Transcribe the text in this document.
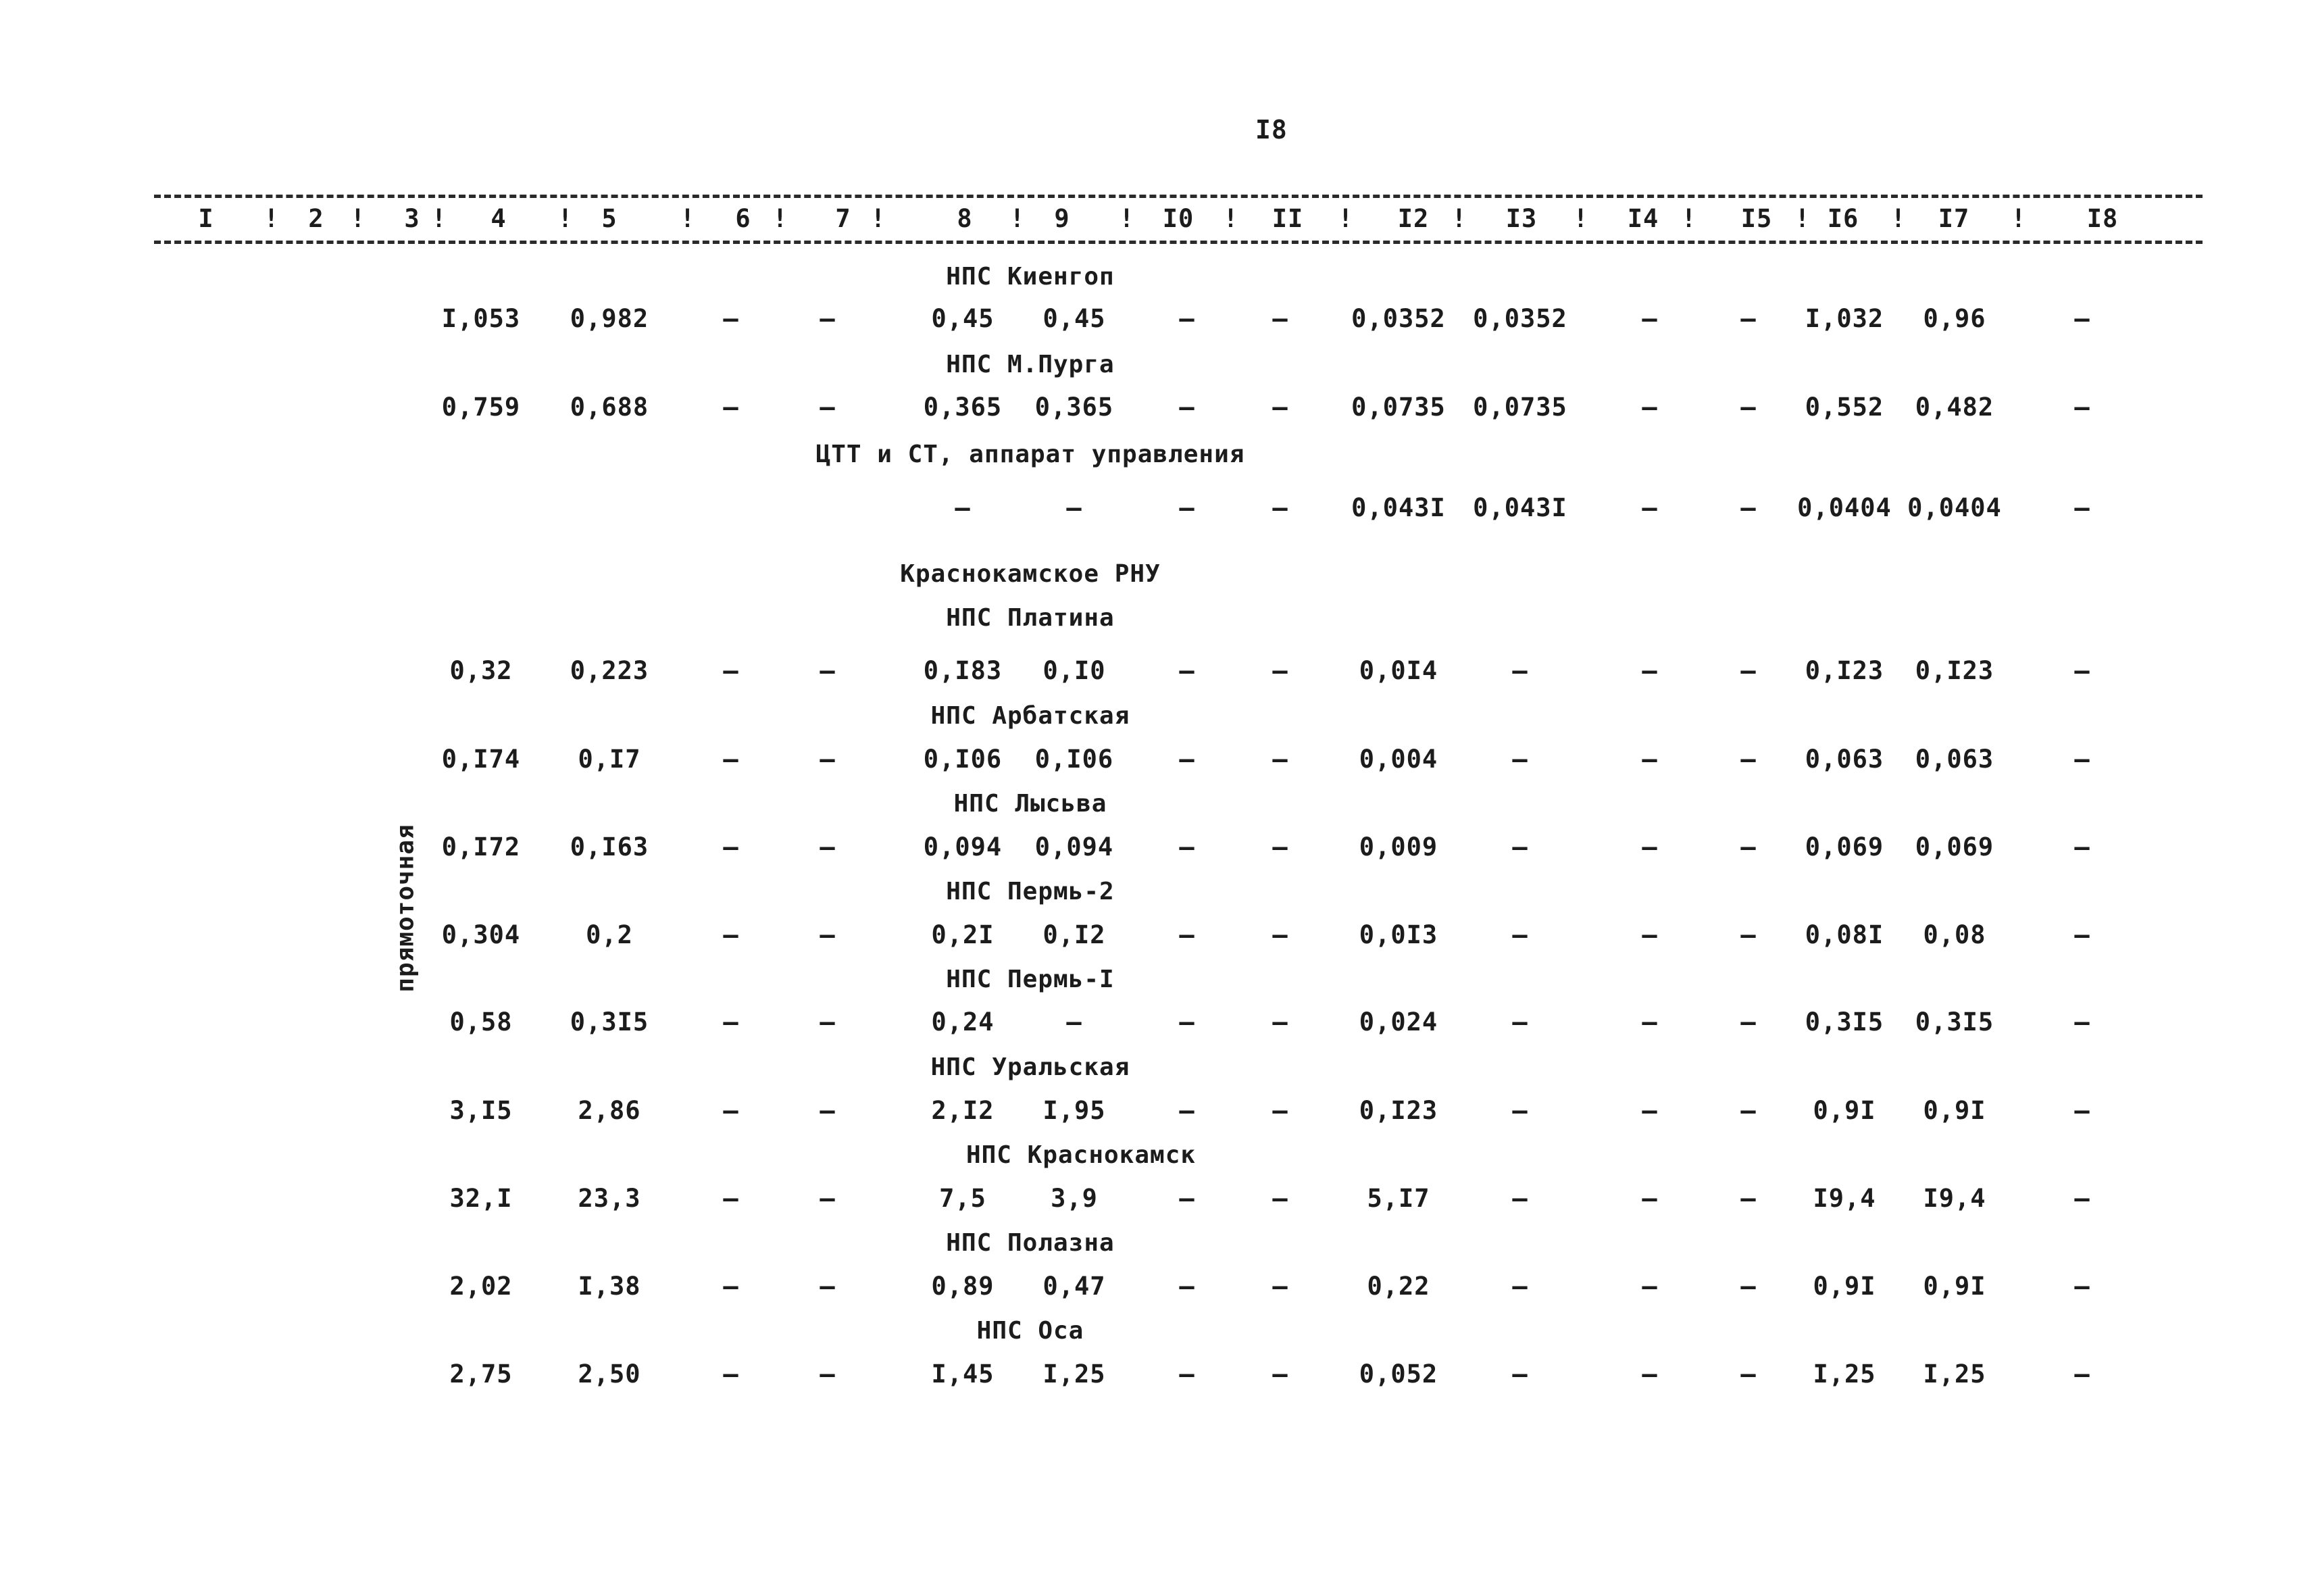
I8
I	2	3	4	5	6	7	8	9	I0	II	I2	I3	I4	I5 I6	I7	I8
!	!	!	!	!	!	!	!	!	!	!	!	!	!	!	!	!
прямоточная
НПС Киенгоп
I,053 0,982	–	–	0,45 0,45	–	–	0,0352 0,0352	–	– I,032 0,96	–
НПС М.Пурга
0,759 0,688	–	–	0,365 0,365	–	–	0,0735 0,0735	–	– 0,552 0,482	–
ЦТТ и СТ, аппарат управления
–	–	–	–	0,043I 0,043I	–	– 0,0404 0,0404	–
Краснокамское РНУ
НПС Платина
0,32 0,223	–	–	0,I83 0,I0	–	–	0,0I4	–	–	– 0,I23 0,I23	–
НПС Арбатская
0,I74 0,I7	–	–	0,I06 0,I06	–	–	0,004	–	–	– 0,063 0,063	–
НПС Лысьва
0,I72 0,I63	–	–	0,094 0,094	–	–	0,009	–	–	– 0,069 0,069	–
НПС Пермь-2
0,304	0,2	–	–	0,2I 0,I2	–	–	0,0I3	–	–	– 0,08I 0,08	–
НПС Пермь-I
0,58 0,3I5	–	–	0,24	–	–	–	0,024	–	–	– 0,3I5 0,3I5	–
НПС Уральская
3,I5	2,86	–	–	2,I2 I,95	–	–	0,I23	–	–	– 0,9I 0,9I	–
НПС Краснокамск
32,I	23,3	–	–	7,5	3,9	–	–	5,I7	–	–	– I9,4 I9,4	–
НПС Полазна
2,02	I,38	–	–	0,89 0,47	–	–	0,22	–	–	– 0,9I 0,9I	–
НПС Оса
2,75	2,50	–	–	I,45 I,25	–	–	0,052	–	–	– I,25 I,25	–
